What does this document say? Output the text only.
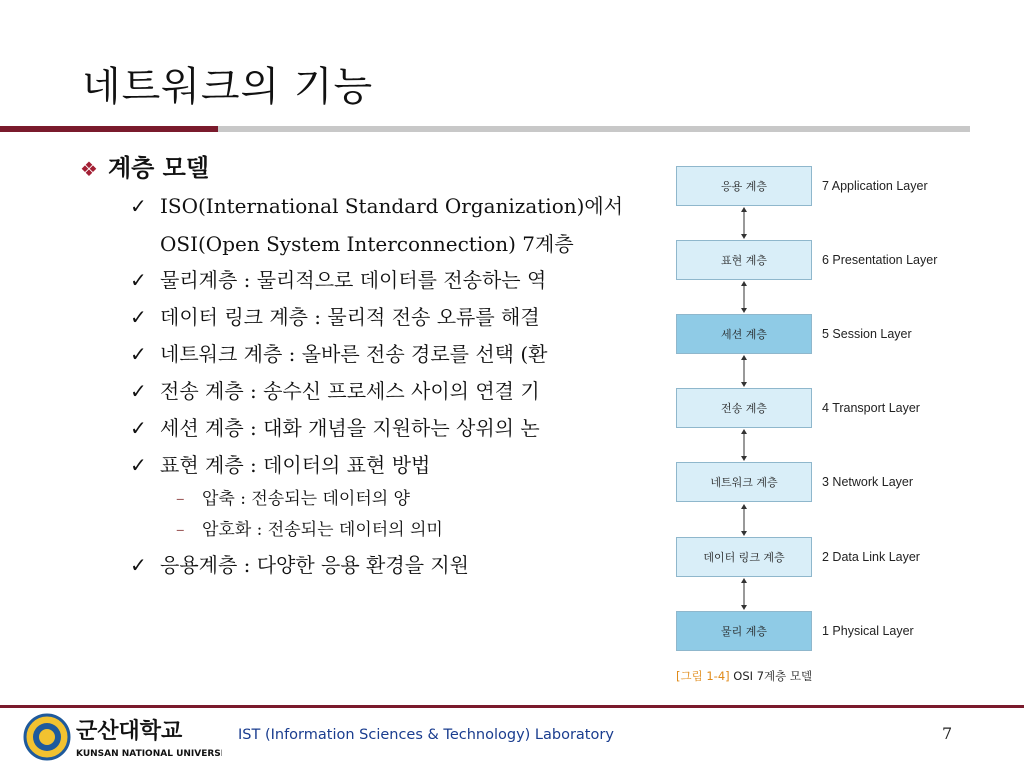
네트워크의 기능
❖ 계층 모델
✓ ISO(International Standard Organization)에서
OSI(Open System Interconnection) 7계층
✓ 물리계층 : 물리적으로 데이터를 전송하는 역
✓ 데이터 링크 계층 : 물리적 전송 오류를 해결
✓ 네트워크 계층 : 올바른 전송 경로를 선택 (환
✓ 전송 계층 : 송수신 프로세스 사이의 연결 기
✓ 세션 계층 : 대화 개념을 지원하는 상위의 논
✓ 표현 계층 : 데이터의 표현 방법
– 압축 : 전송되는 데이터의 양
– 암호화 : 전송되는 데이터의 의미
✓ 응용계층 : 다양한 응용 환경을 지원
응용 계층
표현 계층
세션 계층
전송 계층
네트워크 계층
데이터 링크 계층
물리 계층
7 Application Layer
6 Presentation Layer
5 Session Layer
4 Transport Layer
3 Network Layer
2 Data Link Layer
1 Physical Layer
[그림 1-4] OSI 7계층 모델
군산대학교
KUNSAN NATIONAL UNIVERSITY
IST (Information Sciences & Technology) Laboratory	7
